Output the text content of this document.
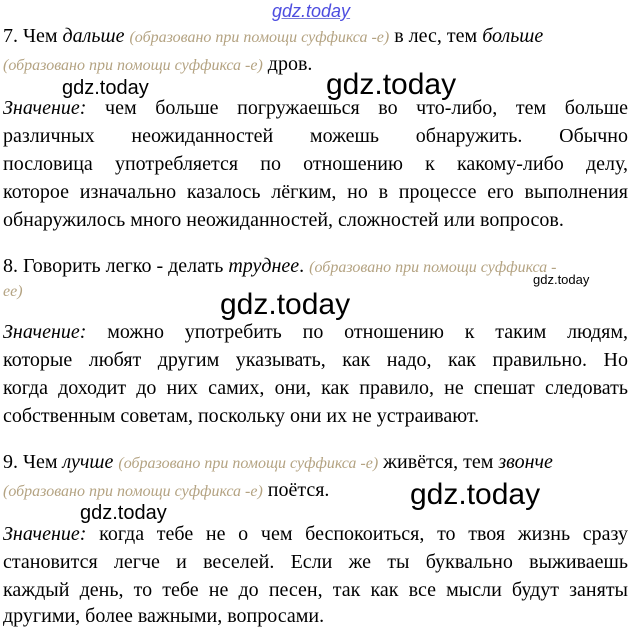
gdz.today
7. Чем дальше (образовано при помощи суффикса -е) в лес, тем больше
(образовано при помощи суффикса -е) дров.
gdz.today	gdz.today
Значение: чем больше погружаешься во что-либо, тем больше
различных неожиданностей можешь обнаружить. Обычно
пословица употребляется по отношению к какому-либо делу,
которое изначально казалось лёгким, но в процессе его выполнения
обнаружилось много неожиданностей, сложностей или вопросов.
8. Говорить легко - делать труднее. (образовано при помощи суффикса -
gdz.today
ее)	gdz.today
Значение: можно употребить по отношению к таким людям,
которые любят другим указывать, как надо, как правильно. Но
когда доходит до них самих, они, как правило, не спешат следовать
собственным советам, поскольку они их не устраивают.
9. Чем лучше (образовано при помощи суффикса -е) живётся, тем звонче
(образовано при помощи суффикса -е) поётся.	gdz.today
gdz.today
Значение: когда тебе не о чем беспокоиться, то твоя жизнь сразу
становится легче и веселей. Если же ты буквально выживаешь
каждый день, то тебе не до песен, так как все мысли будут заняты
другими, более важными, вопросами.
